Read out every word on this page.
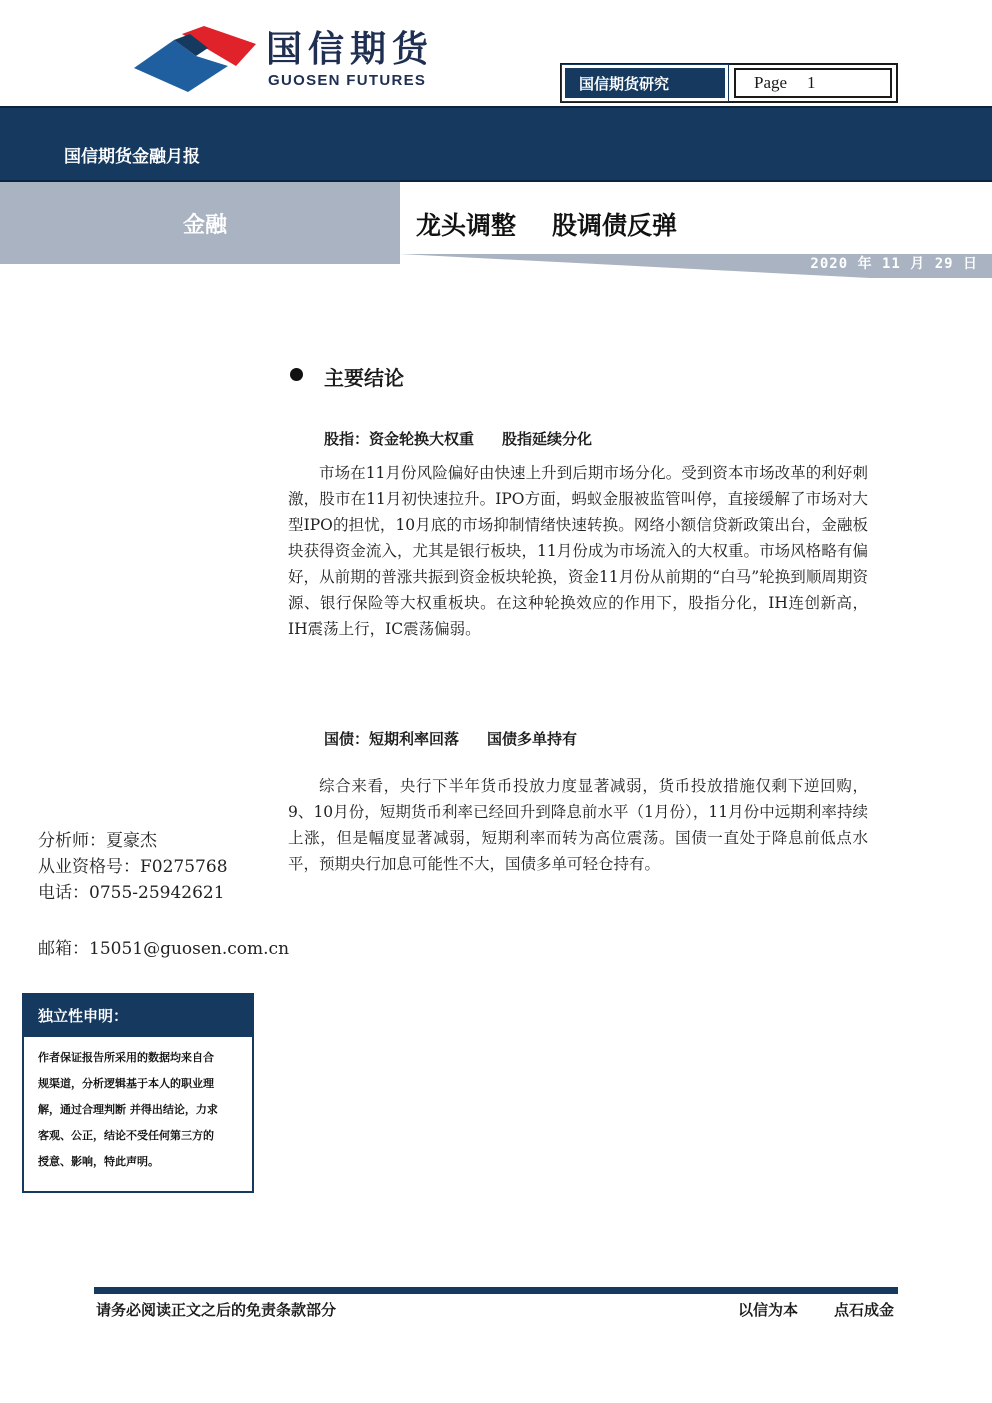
国信期货
GUOSEN FUTURES	国信期货研究	Page 1
国信期货金融月报
金融	龙头调整 股调债反弹
2020 年 11 月 29 日
主要结论
股指：资金轮换大权重 股指延续分化

市场在11月份风险偏好由快速上升到后期市场分化。受到资本市场改革的利好刺激，股市在11月初快速拉升。IPO方面，蚂蚁金服被监管叫停，直接缓解了市场对大型IPO的担忧，10月底的市场抑制情绪快速转换。网络小额信贷新政策出台，金融板块获得资金流入，尤其是银行板块，11月份成为市场流入的大权重。市场风格略有偏好，从前期的普涨共振到资金板块轮换，资金11月份从前期的“白马”轮换到顺周期资源、银行保险等大权重板块。在这种轮换效应的作用下，股指分化，IH连创新高，IH震荡上行，IC震荡偏弱。

国债：短期利率回落 国债多单持有

综合来看，央行下半年货币投放力度显著减弱，货币投放措施仅剩下逆回购，9、10月份，短期货币利率已经回升到降息前水平（1月份），11月份中远期利率持续上涨，但是幅度显著减弱，短期利率而转为高位震荡。国债一直处于降息前低点水平，预期央行加息可能性不大，国债多单可轻仓持有。

分析师：夏豪杰
从业资格号：F0275768
电话：0755-25942621
邮箱：15051@guosen.com.cn
独立性申明：
作者保证报告所采用的数据均来自合
规渠道，分析逻辑基于本人的职业理
解，通过合理判断 并得出结论，力求
客观、公正，结论不受任何第三方的
授意、影响，特此声明。
请务必阅读正文之后的免责条款部分	以信为本 点石成金
